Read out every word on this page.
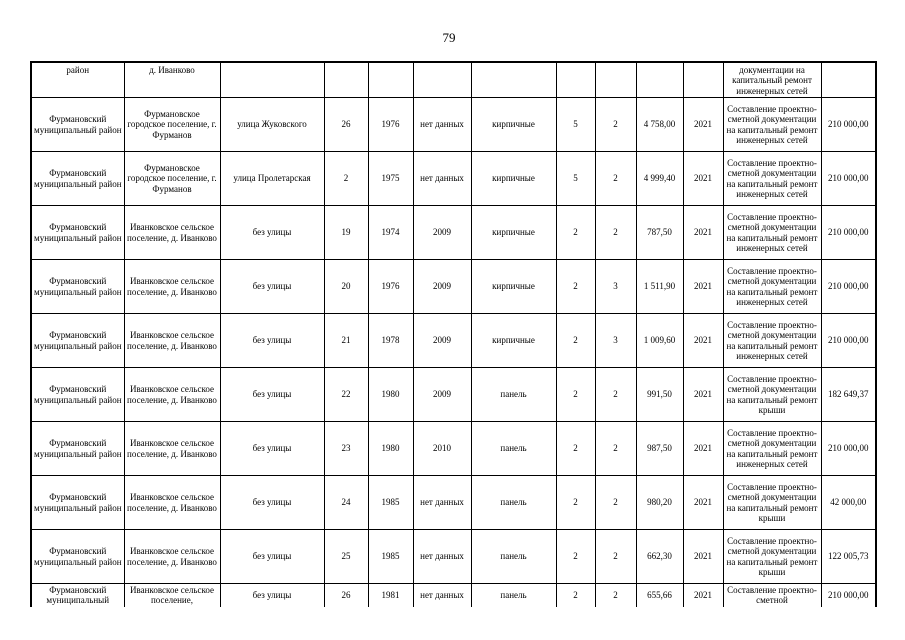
79
район	д. Иванково										документации на капитальный ремонт инженерных сетей	

Фурмановский муниципальный район	Фурмановское городское поселение, г. Фурманов	улица Жуковского	26	1976	нет данных	кирпичные	5	2	4 758,00	2021	Составление проектно-сметной документации на капитальный ремонт инженерных сетей	210 000,00

Фурмановский муниципальный район	Фурмановское городское поселение, г. Фурманов	улица Пролетарская	2	1975	нет данных	кирпичные	5	2	4 999,40	2021	Составление проектно-сметной документации на капитальный ремонт инженерных сетей	210 000,00

Фурмановский муниципальный район	Иванковское сельское поселение, д. Иванково	без улицы	19	1974	2009	кирпичные	2	2	787,50	2021	Составление проектно-сметной документации на капитальный ремонт инженерных сетей	210 000,00

Фурмановский муниципальный район	Иванковское сельское поселение, д. Иванково	без улицы	20	1976	2009	кирпичные	2	3	1 511,90	2021	Составление проектно-сметной документации на капитальный ремонт инженерных сетей	210 000,00

Фурмановский муниципальный район	Иванковское сельское поселение, д. Иванково	без улицы	21	1978	2009	кирпичные	2	3	1 009,60	2021	Составление проектно-сметной документации на капитальный ремонт инженерных сетей	210 000,00

Фурмановский муниципальный район	Иванковское сельское поселение, д. Иванково	без улицы	22	1980	2009	панель	2	2	991,50	2021	Составление проектно-сметной документации на капитальный ремонт крыши	182 649,37

Фурмановский муниципальный район	Иванковское сельское поселение, д. Иванково	без улицы	23	1980	2010	панель	2	2	987,50	2021	Составление проектно-сметной документации на капитальный ремонт инженерных сетей	210 000,00

Фурмановский муниципальный район	Иванковское сельское поселение, д. Иванково	без улицы	24	1985	нет данных	панель	2	2	980,20	2021	Составление проектно-сметной документации на капитальный ремонт крыши	42 000,00

Фурмановский муниципальный район	Иванковское сельское поселение, д. Иванково	без улицы	25	1985	нет данных	панель	2	2	662,30	2021	Составление проектно-сметной документации на капитальный ремонт крыши	122 005,73

Фурмановский муниципальный	Иванковское сельское поселение,	без улицы	26	1981	нет данных	панель	2	2	655,66	2021	Составление проектно-сметной	210 000,00
